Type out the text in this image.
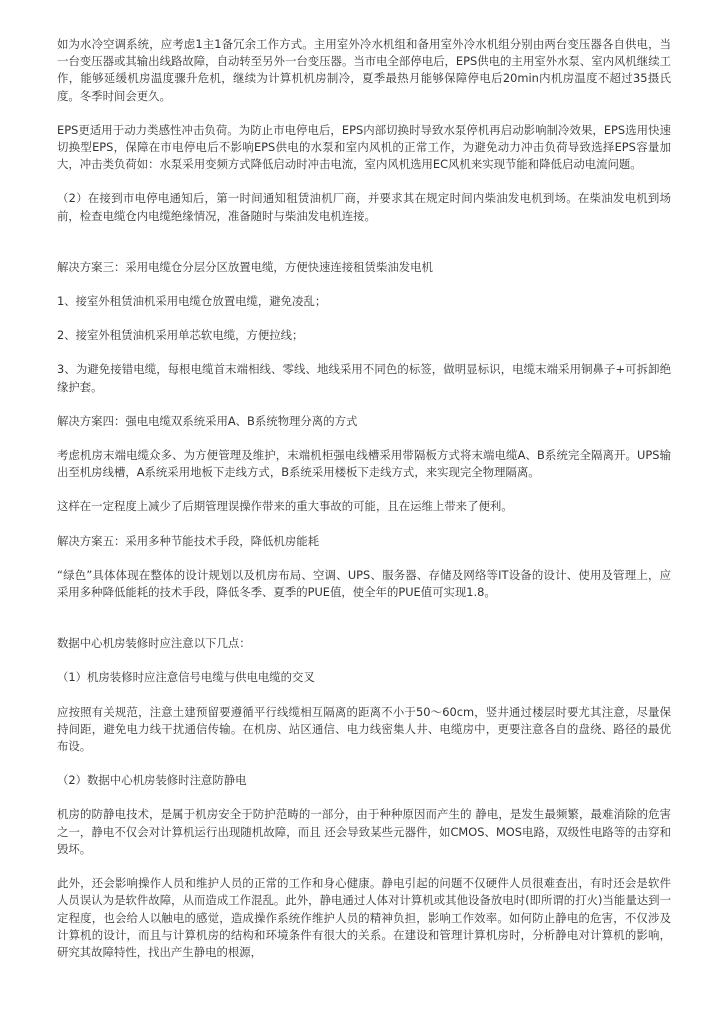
如为水冷空调系统，应考虑1主1备冗余工作方式。主用室外冷水机组和备用室外冷水机组分别由两台变压器各自供电，当一台变压器或其输出线路故障，自动转至另外一台变压器。当市电全部停电后，EPS供电的主用室外水泵、室内风机继续工作，能够延缓机房温度骤升危机，继续为计算机机房制冷，夏季最热月能够保障停电后20min内机房温度不超过35摄氏度。冬季时间会更久。

EPS更适用于动力类感性冲击负荷。为防止市电停电后，EPS内部切换时导致水泵停机再启动影响制冷效果，EPS选用快速切换型EPS，保障在市电停电后不影响EPS供电的水泵和室内风机的正常工作，为避免动力冲击负荷导致选择EPS容量加大，冲击类负荷如：水泵采用变频方式降低启动时冲击电流，室内风机选用EC风机来实现节能和降低启动电流问题。

（2）在接到市电停电通知后，第一时间通知租赁油机厂商，并要求其在规定时间内柴油发电机到场。在柴油发电机到场前，检查电缆仓内电缆绝缘情况，准备随时与柴油发电机连接。

解决方案三：采用电缆仓分层分区放置电缆，方便快速连接租赁柴油发电机

1、接室外租赁油机采用电缆仓放置电缆，避免凌乱；

2、接室外租赁油机采用单芯软电缆，方便拉线；

3、为避免接错电缆，每根电缆首末端相线、零线、地线采用不同色的标签，做明显标识，电缆末端采用铜鼻子+可拆卸绝缘护套。

解决方案四：强电电缆双系统采用A、B系统物理分离的方式

考虑机房末端电缆众多、为方便管理及维护，末端机柜强电线槽采用带隔板方式将末端电缆A、B系统完全隔离开。UPS输出至机房线槽，A系统采用地板下走线方式，B系统采用楼板下走线方式，来实现完全物理隔离。

这样在一定程度上减少了后期管理误操作带来的重大事故的可能，且在运维上带来了便利。

解决方案五：采用多种节能技术手段，降低机房能耗

“绿色”具体体现在整体的设计规划以及机房布局、空调、UPS、服务器、存储及网络等IT设备的设计、使用及管理上，应采用多种降低能耗的技术手段，降低冬季、夏季的PUE值，使全年的PUE值可实现1.8。

数据中心机房装修时应注意以下几点：

（1）机房装修时应注意信号电缆与供电电缆的交叉

应按照有关规范，注意土建预留要遵循平行线缆相互隔离的距离不小于50～60cm，竖井通过楼层时要尤其注意，尽量保持间距，避免电力线干扰通信传输。在机房、站区通信、电力线密集人井、电缆房中，更要注意各自的盘绕、路径的最优布设。

（2）数据中心机房装修时注意防静电

机房的防静电技术，是属于机房安全于防护范畴的一部分，由于种种原因而产生的 静电，是发生最频繁，最难消除的危害之一，静电不仅会对计算机运行出现随机故障，而且 还会导致某些元器件，如CMOS、MOS电路，双级性电路等的击穿和毁坏。

此外，还会影响操作人员和维护人员的正常的工作和身心健康。静电引起的问题不仅硬件人员很难查出，有时还会是软件人员误认为是软件故障，从而造成工作混乱。此外，静电通过人体对计算机或其他设备放电时(即所谓的打火)当能量达到一定程度，也会给人以触电的感觉，造成操作系统作维护人员的精神负担，影响工作效率。如何防止静电的危害，不仅涉及计算机的设计，而且与计算机房的结构和环境条件有很大的关系。在建设和管理计算机房时，分析静电对计算机的影响，研究其故障特性，找出产生静电的根源，
